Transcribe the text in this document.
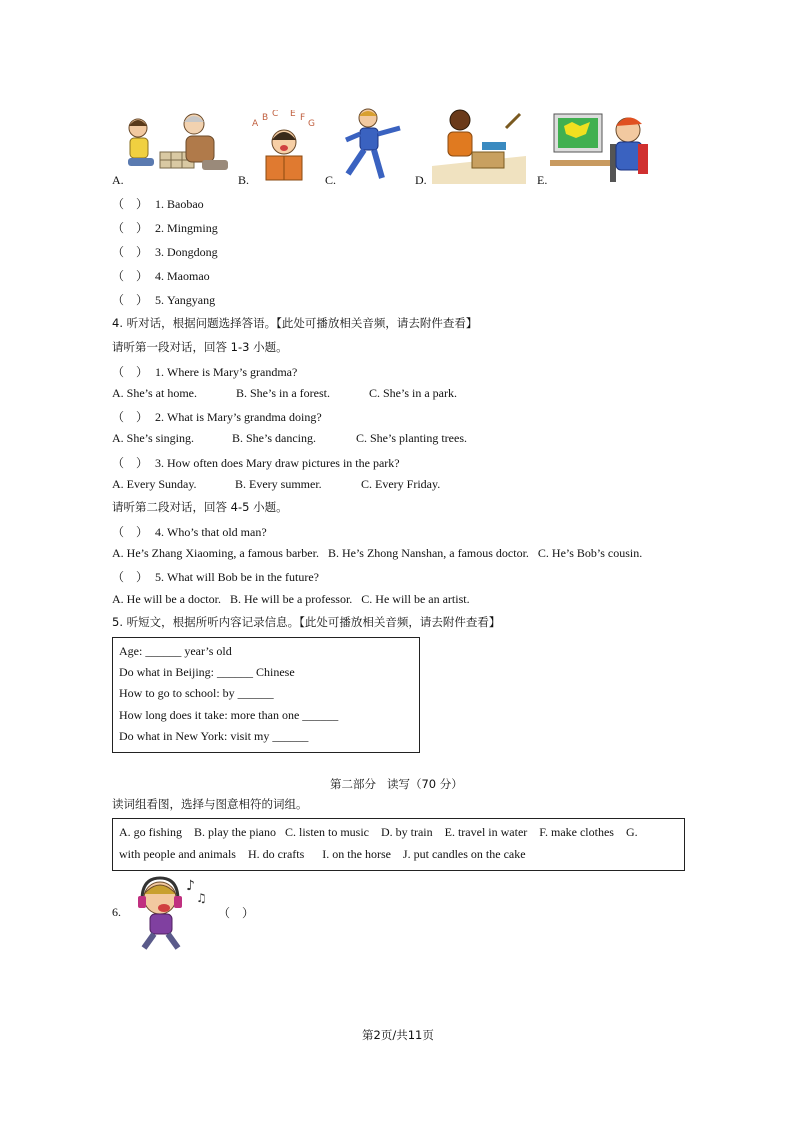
A.	B.
A
B C E F
G
C.	D.	E.
（　） 1. Baobao
（　） 2. Mingming
（　） 3. Dongdong
（　） 4. Maomao
（　） 5. Yangyang
4. 听对话，根据问题选择答语。【此处可播放相关音频，请去附件查看】
请听第一段对话，回答 1-3 小题。
（　） 1. Where is Mary’s grandma?
A. She’s at home.	B. She’s in a forest.	C. She’s in a park.
（　） 2. What is Mary’s grandma doing?
A. She’s singing.	B. She’s dancing.	C. She’s planting trees.
（　） 3. How often does Mary draw pictures in the park?
A. Every Sunday.	B. Every summer.	C. Every Friday.
请听第二段对话，回答 4-5 小题。
（　） 4. Who’s that old man?
A. He’s Zhang Xiaoming, a famous barber.   B. He’s Zhong Nanshan, a famous doctor.   C. He’s Bob’s cousin.
（　） 5. What will Bob be in the future?
A. He will be a doctor.   B. He will be a professor.   C. He will be an artist.
5. 听短文，根据所听内容记录信息。【此处可播放相关音频，请去附件查看】
Age: ______ year’s old
Do what in Beijing: ______ Chinese
How to go to school: by ______
How long does it take: more than one ______
Do what in New York: visit my ______
第二部分   读写（70 分）
读词组看图，选择与图意相符的词组。
A. go fishing    B. play the piano   C. listen to music    D. by train    E. travel in water    F. make clothes    G.
with people and animals    H. do crafts      I. on the horse    J. put candles on the cake
6.
♪
♫
（　）
第2页/共11页
